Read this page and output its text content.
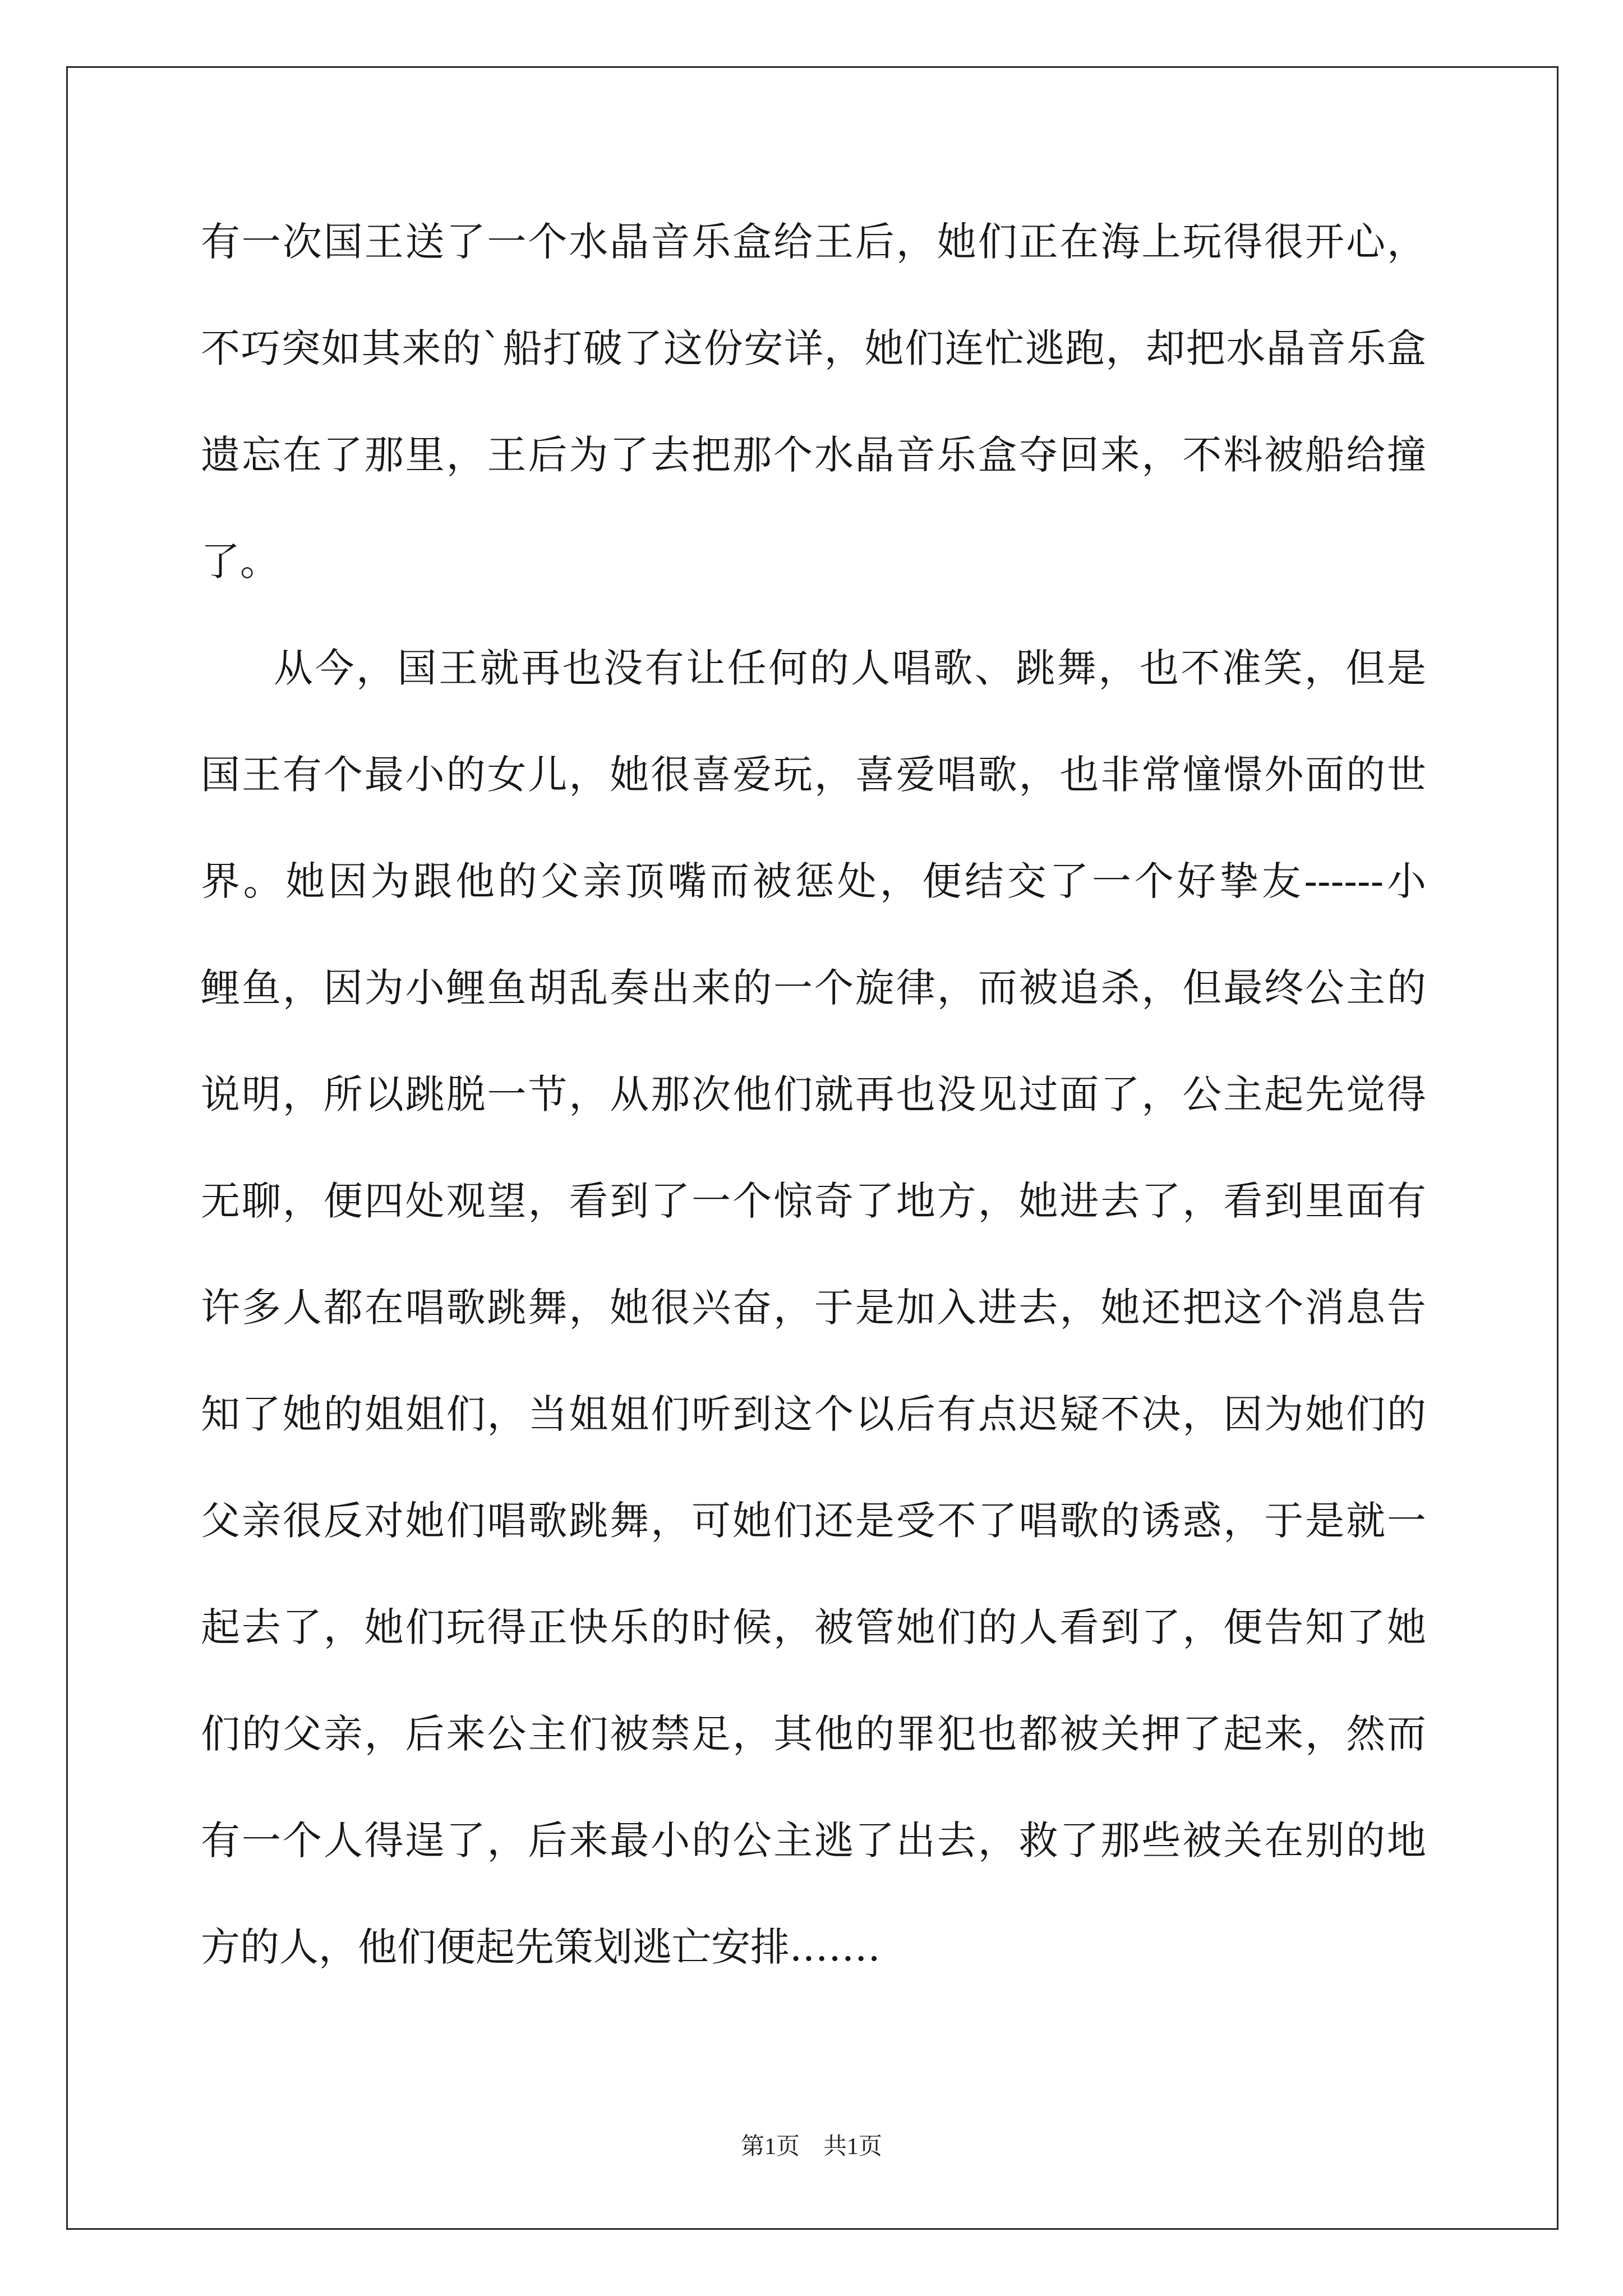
有一次国王送了一个水晶音乐盒给王后，她们正在海上玩得很开心，
不巧突如其来的`船打破了这份安详，她们连忙逃跑，却把水晶音乐盒
遗忘在了那里，王后为了去把那个水晶音乐盒夺回来，不料被船给撞
了。
从今，国王就再也没有让任何的人唱歌、跳舞，也不准笑，但是
国王有个最小的女儿，她很喜爱玩，喜爱唱歌，也非常憧憬外面的世
界。她因为跟他的父亲顶嘴而被惩处，便结交了一个好挚友------小
鲤鱼，因为小鲤鱼胡乱奏出来的一个旋律，而被追杀，但最终公主的
说明，所以跳脱一节，从那次他们就再也没见过面了，公主起先觉得
无聊，便四处观望，看到了一个惊奇了地方，她进去了，看到里面有
许多人都在唱歌跳舞，她很兴奋，于是加入进去，她还把这个消息告
知了她的姐姐们，当姐姐们听到这个以后有点迟疑不决，因为她们的
父亲很反对她们唱歌跳舞，可她们还是受不了唱歌的诱惑，于是就一
起去了，她们玩得正快乐的时候，被管她们的人看到了，便告知了她
们的父亲，后来公主们被禁足，其他的罪犯也都被关押了起来，然而
有一个人得逞了，后来最小的公主逃了出去，救了那些被关在别的地
方的人，他们便起先策划逃亡安排.……
第1页　共1页
